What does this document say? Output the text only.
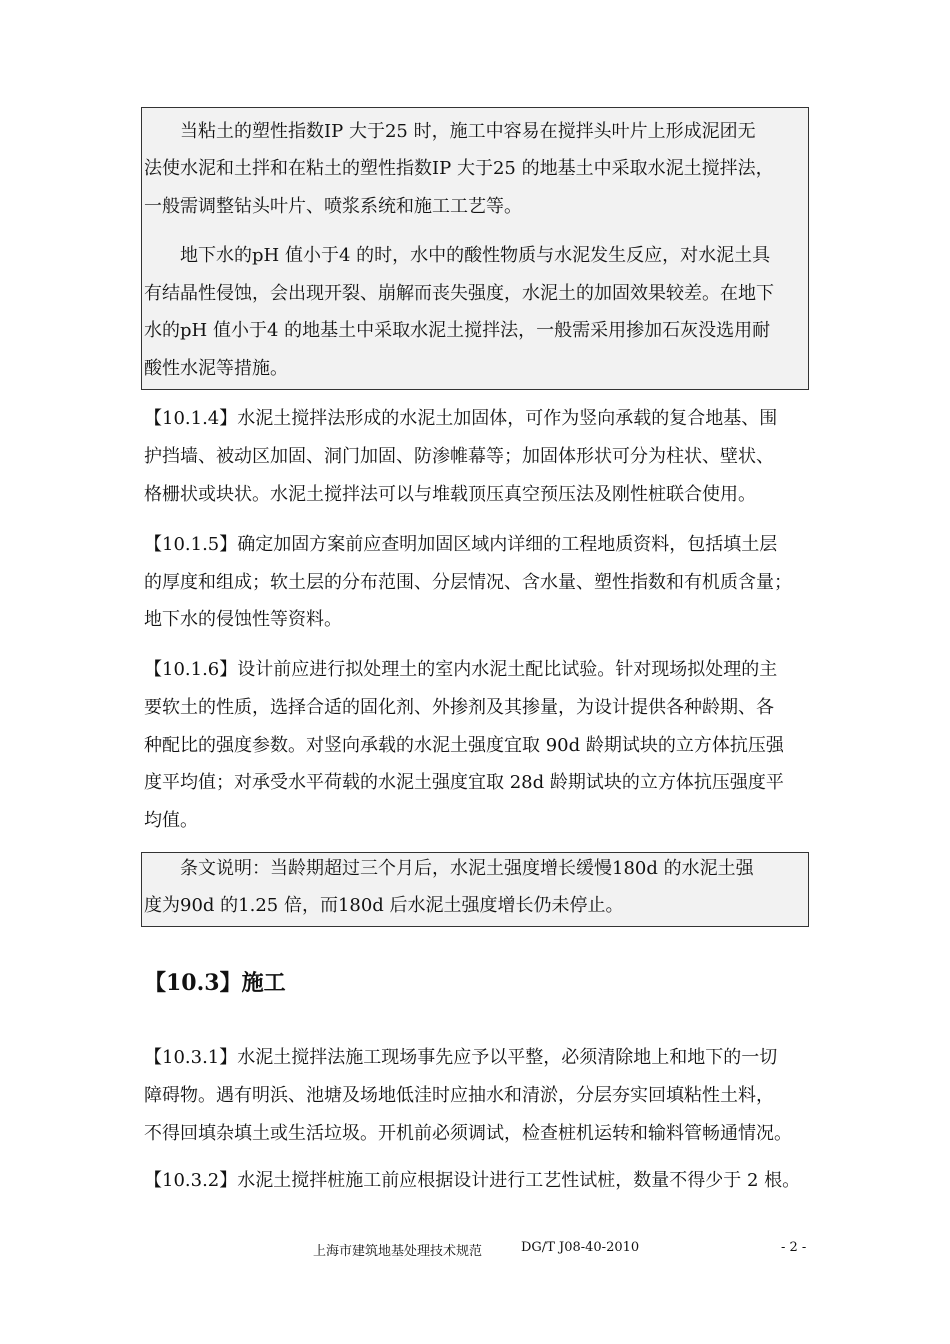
当粘土的塑性指数IP 大于25 时，施工中容易在搅拌头叶片上形成泥团无
法使水泥和土拌和在粘土的塑性指数IP 大于25 的地基土中采取水泥土搅拌法，
一般需调整钻头叶片、喷浆系统和施工工艺等。
地下水的pH 值小于4 的时，水中的酸性物质与水泥发生反应，对水泥土具
有结晶性侵蚀，会出现开裂、崩解而丧失强度，水泥土的加固效果较差。在地下
水的pH 值小于4 的地基土中采取水泥土搅拌法，一般需采用掺加石灰没选用耐
酸性水泥等措施。
【10.1.4】水泥土搅拌法形成的水泥土加固体，可作为竖向承载的复合地基、围
护挡墙、被动区加固、洞门加固、防渗帷幕等；加固体形状可分为柱状、壁状、
格栅状或块状。水泥土搅拌法可以与堆载顶压真空预压法及刚性桩联合使用。
【10.1.5】确定加固方案前应查明加固区域内详细的工程地质资料，包括填土层
的厚度和组成；软土层的分布范围、分层情况、含水量、塑性指数和有机质含量；
地下水的侵蚀性等资料。
【10.1.6】设计前应进行拟处理土的室内水泥土配比试验。针对现场拟处理的主
要软土的性质，选择合适的固化剂、外掺剂及其掺量，为设计提供各种龄期、各
种配比的强度参数。对竖向承载的水泥土强度宜取 90d 龄期试块的立方体抗压强
度平均值；对承受水平荷载的水泥土强度宜取 28d 龄期试块的立方体抗压强度平
均值。
条文说明：当龄期超过三个月后，水泥土强度增长缓慢180d 的水泥土强
度为90d 的1.25 倍，而180d 后水泥土强度增长仍未停止。
【10.3】施工
【10.3.1】水泥土搅拌法施工现场事先应予以平整，必须清除地上和地下的一切
障碍物。遇有明浜、池塘及场地低洼时应抽水和清淤，分层夯实回填粘性土料，
不得回填杂填土或生活垃圾。开机前必须调试，检查桩机运转和输料管畅通情况。
【10.3.2】水泥土搅拌桩施工前应根据设计进行工艺性试桩，数量不得少于 2 根。
上海市建筑地基处理技术规范	DG/T J08-40-2010	- 2 -
